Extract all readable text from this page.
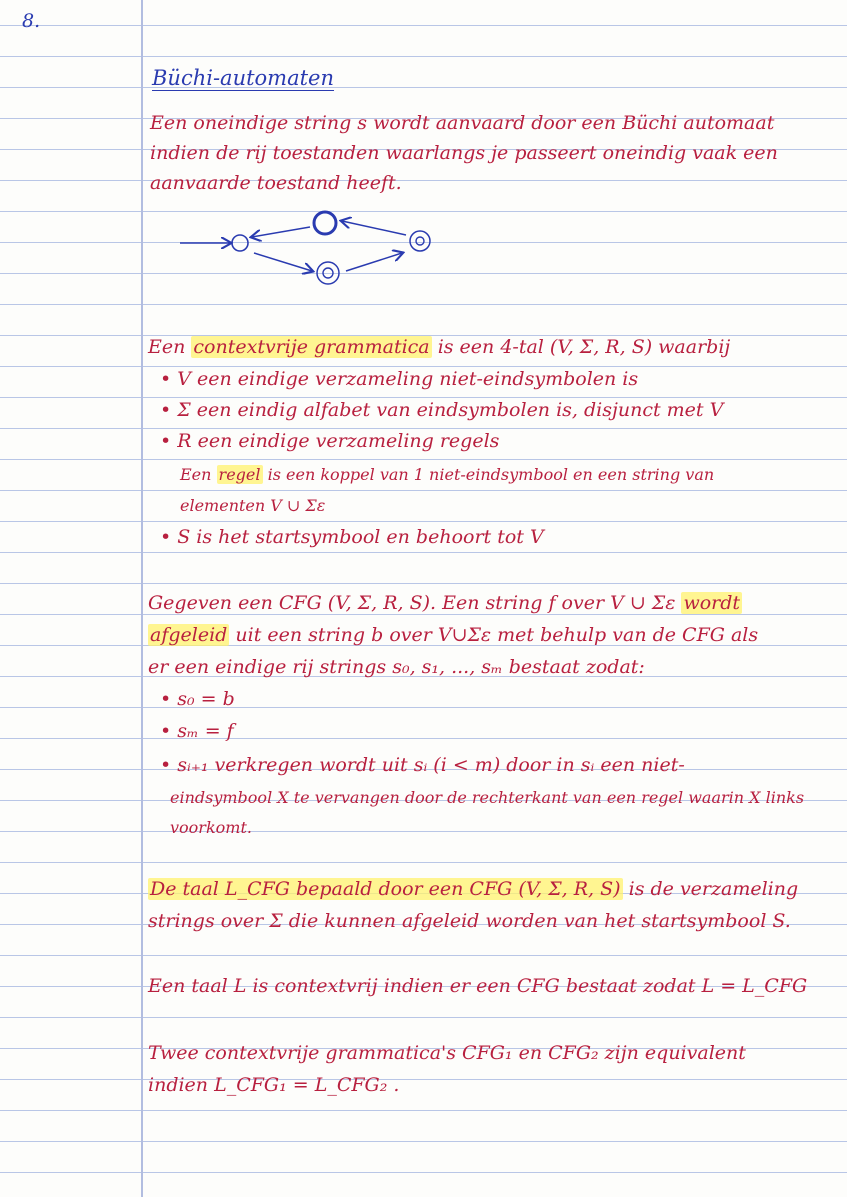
8.
Büchi-automaten
Een oneindige string s wordt aanvaard door een Büchi automaat
indien de rij toestanden waarlangs je passeert oneindig vaak een
aanvaarde toestand heeft.
Een contextvrije grammatica is een 4-tal (V, Σ, R, S) waarbij
• V een eindige verzameling niet-eindsymbolen is
• Σ een eindig alfabet van eindsymbolen is, disjunct met V
• R een eindige verzameling regels
Een regel is een koppel van 1 niet-eindsymbool en een string van
elementen V ∪ Σε
• S is het startsymbool en behoort tot V
Gegeven een CFG (V, Σ, R, S). Een string f over V ∪ Σε wordt
afgeleid uit een string b over V∪Σε met behulp van de CFG als
er een eindige rij strings s₀, s₁, ..., sₘ bestaat zodat:
• s₀ = b
• sₘ = f
• sᵢ₊₁ verkregen wordt uit sᵢ (i < m) door in sᵢ een niet-
eindsymbool X te vervangen door de rechterkant van een regel waarin X links
voorkomt.
De taal L_CFG bepaald door een CFG (V, Σ, R, S) is de verzameling
strings over Σ die kunnen afgeleid worden van het startsymbool S.
Een taal L is contextvrij indien er een CFG bestaat zodat L = L_CFG
Twee contextvrije grammatica's CFG₁ en CFG₂ zijn equivalent
indien L_CFG₁ = L_CFG₂ .
